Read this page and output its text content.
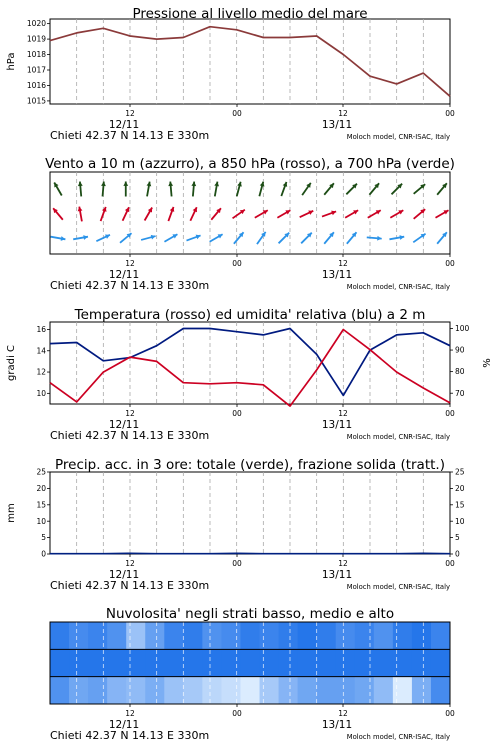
Pressione al livello medio del mare
12	00	12	00
12/11	13/11
Chieti 42.37 N 14.13 E 330m	Moloch model, CNR-ISAC, Italy
1015
1016
1017
1018
1019
1020
hPa
Vento a 10 m (azzurro), a 850 hPa (rosso), a 700 hPa (verde)
12	00	12	00
12/11	13/11
Chieti 42.37 N 14.13 E 330m	Moloch model, CNR-ISAC, Italy
Temperatura (rosso) ed umidita' relativa (blu) a 2 m
12	00	12	00
12/11	13/11
Chieti 42.37 N 14.13 E 330m	Moloch model, CNR-ISAC, Italy
10
12
14
16
70
80
90
100
gradi C	%
Precip. acc. in 3 ore: totale (verde), frazione solida (tratt.)
12	00	12	00
12/11	13/11
Chieti 42.37 N 14.13 E 330m	Moloch model, CNR-ISAC, Italy
0
5
10
15
20
25
0
5
10
15
20
25
mm
Nuvolosita' negli strati basso, medio e alto
12	00	12	00
12/11	13/11
Chieti 42.37 N 14.13 E 330m	Moloch model, CNR-ISAC, Italy
